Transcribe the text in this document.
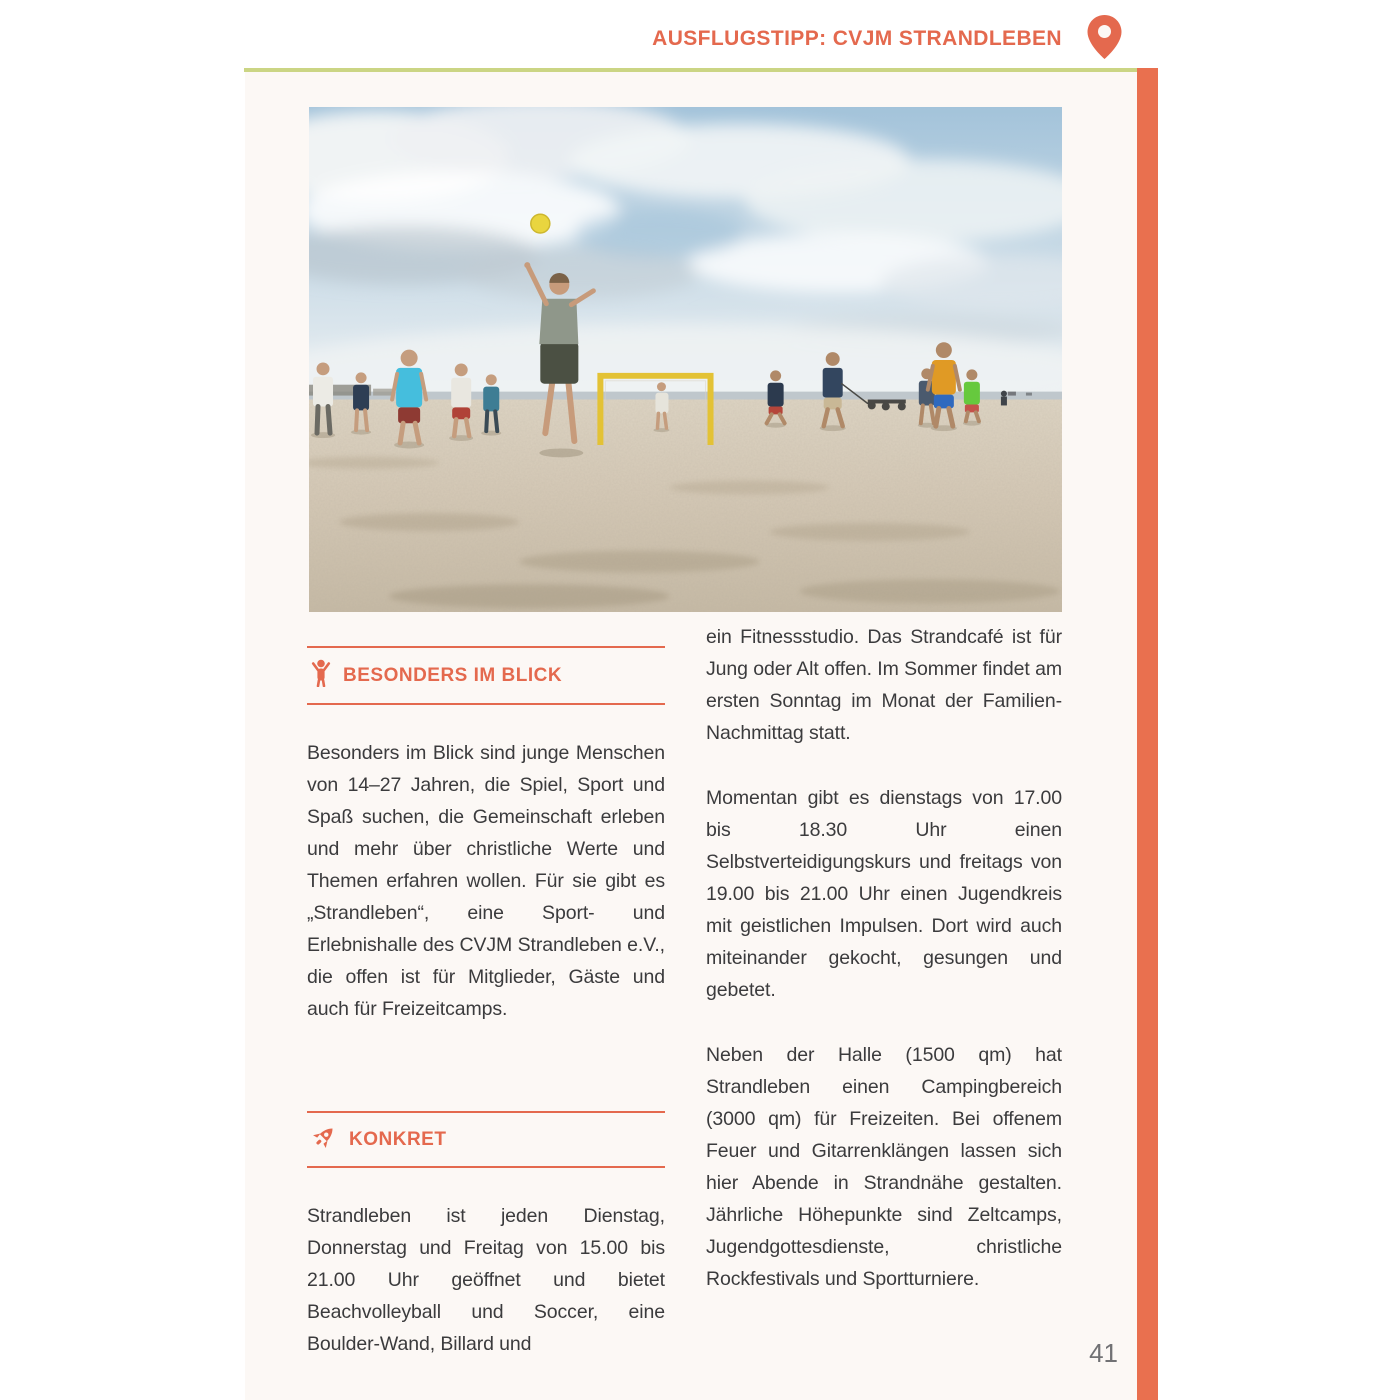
AUSFLUGSTIPP: CVJM STRANDLEBEN
BESONDERS IM BLICK

Besonders im Blick sind junge Menschen von 14–27 Jahren, die Spiel, Sport und Spaß suchen, die Gemeinschaft erleben und mehr über christliche Werte und Themen erfahren wollen. Für sie gibt es „Strandleben“, eine Sport- und Erlebnishalle des CVJM Strandleben e.V., die offen ist für Mitglieder, Gäste und auch für Freizeitcamps.

KONKRET

Strandleben ist jeden Dienstag, Donnerstag und Freitag von 15.00 bis 21.00 Uhr geöffnet und bietet Beachvolleyball und Soccer, eine Boulder-Wand, Billard und

ein Fitnessstudio. Das Strandcafé ist für Jung oder Alt offen. Im Sommer findet am ersten Sonntag im Monat der Familien-Nachmittag statt.

Momentan gibt es dienstags von 17.00 bis 18.30 Uhr einen Selbstverteidigungskurs und freitags von 19.00 bis 21.00 Uhr einen Jugendkreis mit geistlichen Impulsen. Dort wird auch miteinander gekocht, gesungen und gebetet.

Neben der Halle (1500 qm) hat Strandleben einen Campingbereich (3000 qm) für Freizeiten. Bei offenem Feuer und Gitarrenklängen lassen sich hier Abende in Strandnähe gestalten. Jährliche Höhepunkte sind Zeltcamps, Jugendgottesdienste, christliche Rockfestivals und Sportturniere.

41
